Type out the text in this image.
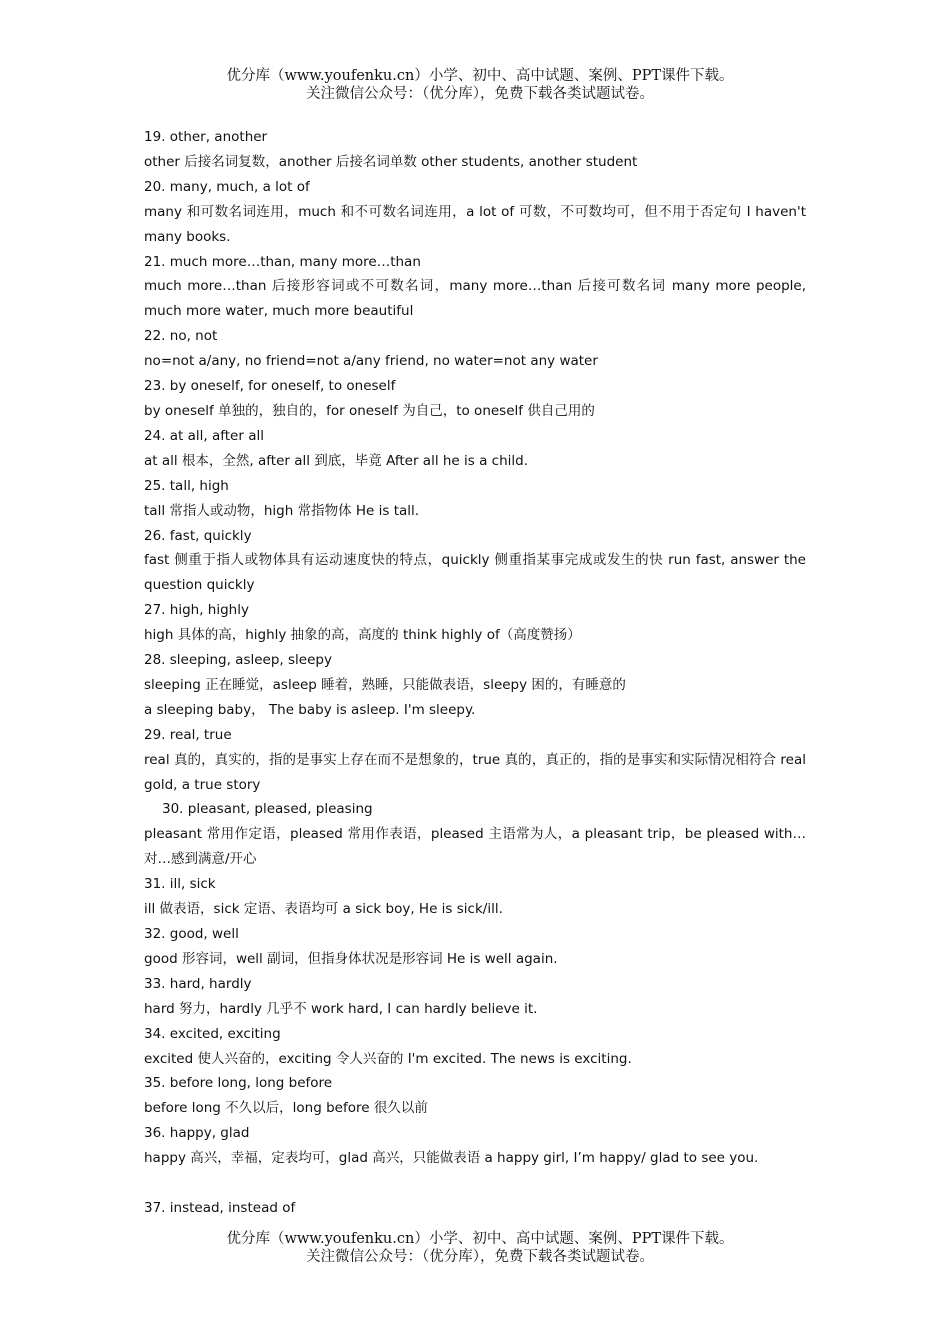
优分库（www.youfenku.cn）小学、初中、高中试题、案例、PPT课件下载。
关注微信公众号：（优分库），免费下载各类试题试卷。
19. other, another
other 后接名词复数，another 后接名词单数 other students, another student
20. many, much, a lot of
many 和可数名词连用，much 和不可数名词连用，a lot of 可数，不可数均可，但不用于否定句 I haven't many books.
21. much more…than, many more…than
much more…than 后接形容词或不可数名词，many more…than 后接可数名词 many more people, much more water, much more beautiful
22. no, not
no=not a/any, no friend=not a/any friend, no water=not any water
23. by oneself, for oneself, to oneself
by oneself 单独的，独自的，for oneself 为自己，to oneself 供自己用的
24. at all, after all
at all 根本，全然, after all 到底，毕竟 After all he is a child.
25. tall, high
tall 常指人或动物，high 常指物体 He is tall.
26. fast, quickly
fast 侧重于指人或物体具有运动速度快的特点，quickly 侧重指某事完成或发生的快 run fast, answer the question quickly
27. high, highly
high 具体的高，highly 抽象的高，高度的 think highly of（高度赞扬）
28. sleeping, asleep, sleepy
sleeping 正在睡觉，asleep 睡着，熟睡，只能做表语，sleepy 困的，有睡意的
a sleeping baby， The baby is asleep. I'm sleepy.
29. real, true
real 真的，真实的，指的是事实上存在而不是想象的，true 真的，真正的，指的是事实和实际情况相符合 real gold, a true story
30. pleasant, pleased, pleasing
pleasant 常用作定语，pleased 常用作表语，pleased 主语常为人，a pleasant trip，be pleased with…对…感到满意/开心
31. ill, sick
ill 做表语，sick 定语、表语均可 a sick boy, He is sick/ill.
32. good, well
good 形容词，well 副词，但指身体状况是形容词 He is well again.
33. hard, hardly
hard 努力，hardly 几乎不 work hard, I can hardly believe it.
34. excited, exciting
excited 使人兴奋的，exciting 令人兴奋的 I'm excited. The news is exciting.
35. before long, long before
before long 不久以后，long before 很久以前
36. happy, glad
happy 高兴，幸福，定表均可，glad 高兴，只能做表语 a happy girl, I’m happy/ glad to see you.
37. instead, instead of
优分库（www.youfenku.cn）小学、初中、高中试题、案例、PPT课件下载。
关注微信公众号：（优分库），免费下载各类试题试卷。
